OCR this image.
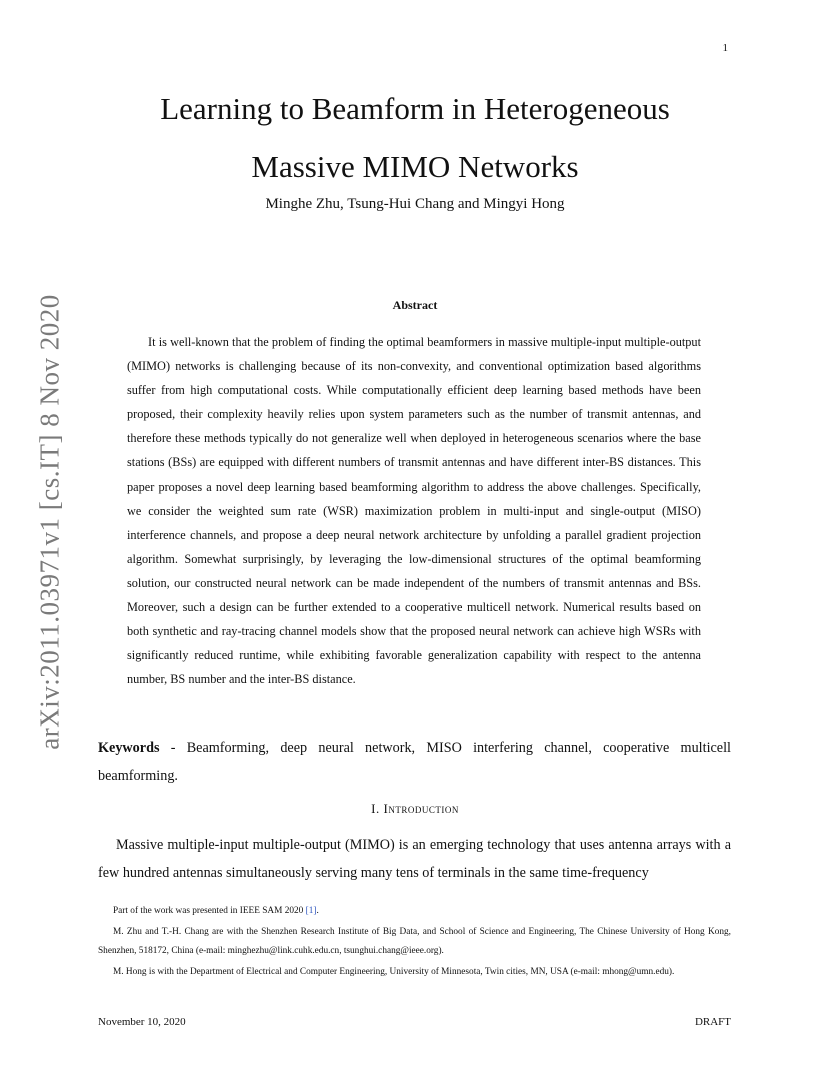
1
arXiv:2011.03971v1 [cs.IT] 8 Nov 2020
Learning to Beamform in Heterogeneous
Massive MIMO Networks
Minghe Zhu, Tsung-Hui Chang and Mingyi Hong
Abstract

It is well-known that the problem of finding the optimal beamformers in massive multiple-input multiple-output (MIMO) networks is challenging because of its non-convexity, and conventional optimization based algorithms suffer from high computational costs. While computationally efficient deep learning based methods have been proposed, their complexity heavily relies upon system parameters such as the number of transmit antennas, and therefore these methods typically do not generalize well when deployed in heterogeneous scenarios where the base stations (BSs) are equipped with different numbers of transmit antennas and have different inter-BS distances. This paper proposes a novel deep learning based beamforming algorithm to address the above challenges. Specifically, we consider the weighted sum rate (WSR) maximization problem in multi-input and single-output (MISO) interference channels, and propose a deep neural network architecture by unfolding a parallel gradient projection algorithm. Somewhat surprisingly, by leveraging the low-dimensional structures of the optimal beamforming solution, our constructed neural network can be made independent of the numbers of transmit antennas and BSs. Moreover, such a design can be further extended to a cooperative multicell network. Numerical results based on both synthetic and ray-tracing channel models show that the proposed neural network can achieve high WSRs with significantly reduced runtime, while exhibiting favorable generalization capability with respect to the antenna number, BS number and the inter-BS distance.

Keywords - Beamforming, deep neural network, MISO interfering channel, cooperative multicell beamforming.

I. Introduction

Massive multiple-input multiple-output (MIMO) is an emerging technology that uses antenna arrays with a few hundred antennas simultaneously serving many tens of terminals in the same time-frequency

Part of the work was presented in IEEE SAM 2020 [1].

M. Zhu and T.-H. Chang are with the Shenzhen Research Institute of Big Data, and School of Science and Engineering, The Chinese University of Hong Kong, Shenzhen, 518172, China (e-mail: minghezhu@link.cuhk.edu.cn, tsunghui.chang@ieee.org).

M. Hong is with the Department of Electrical and Computer Engineering, University of Minnesota, Twin cities, MN, USA (e-mail: mhong@umn.edu).

November 10, 2020	DRAFT
